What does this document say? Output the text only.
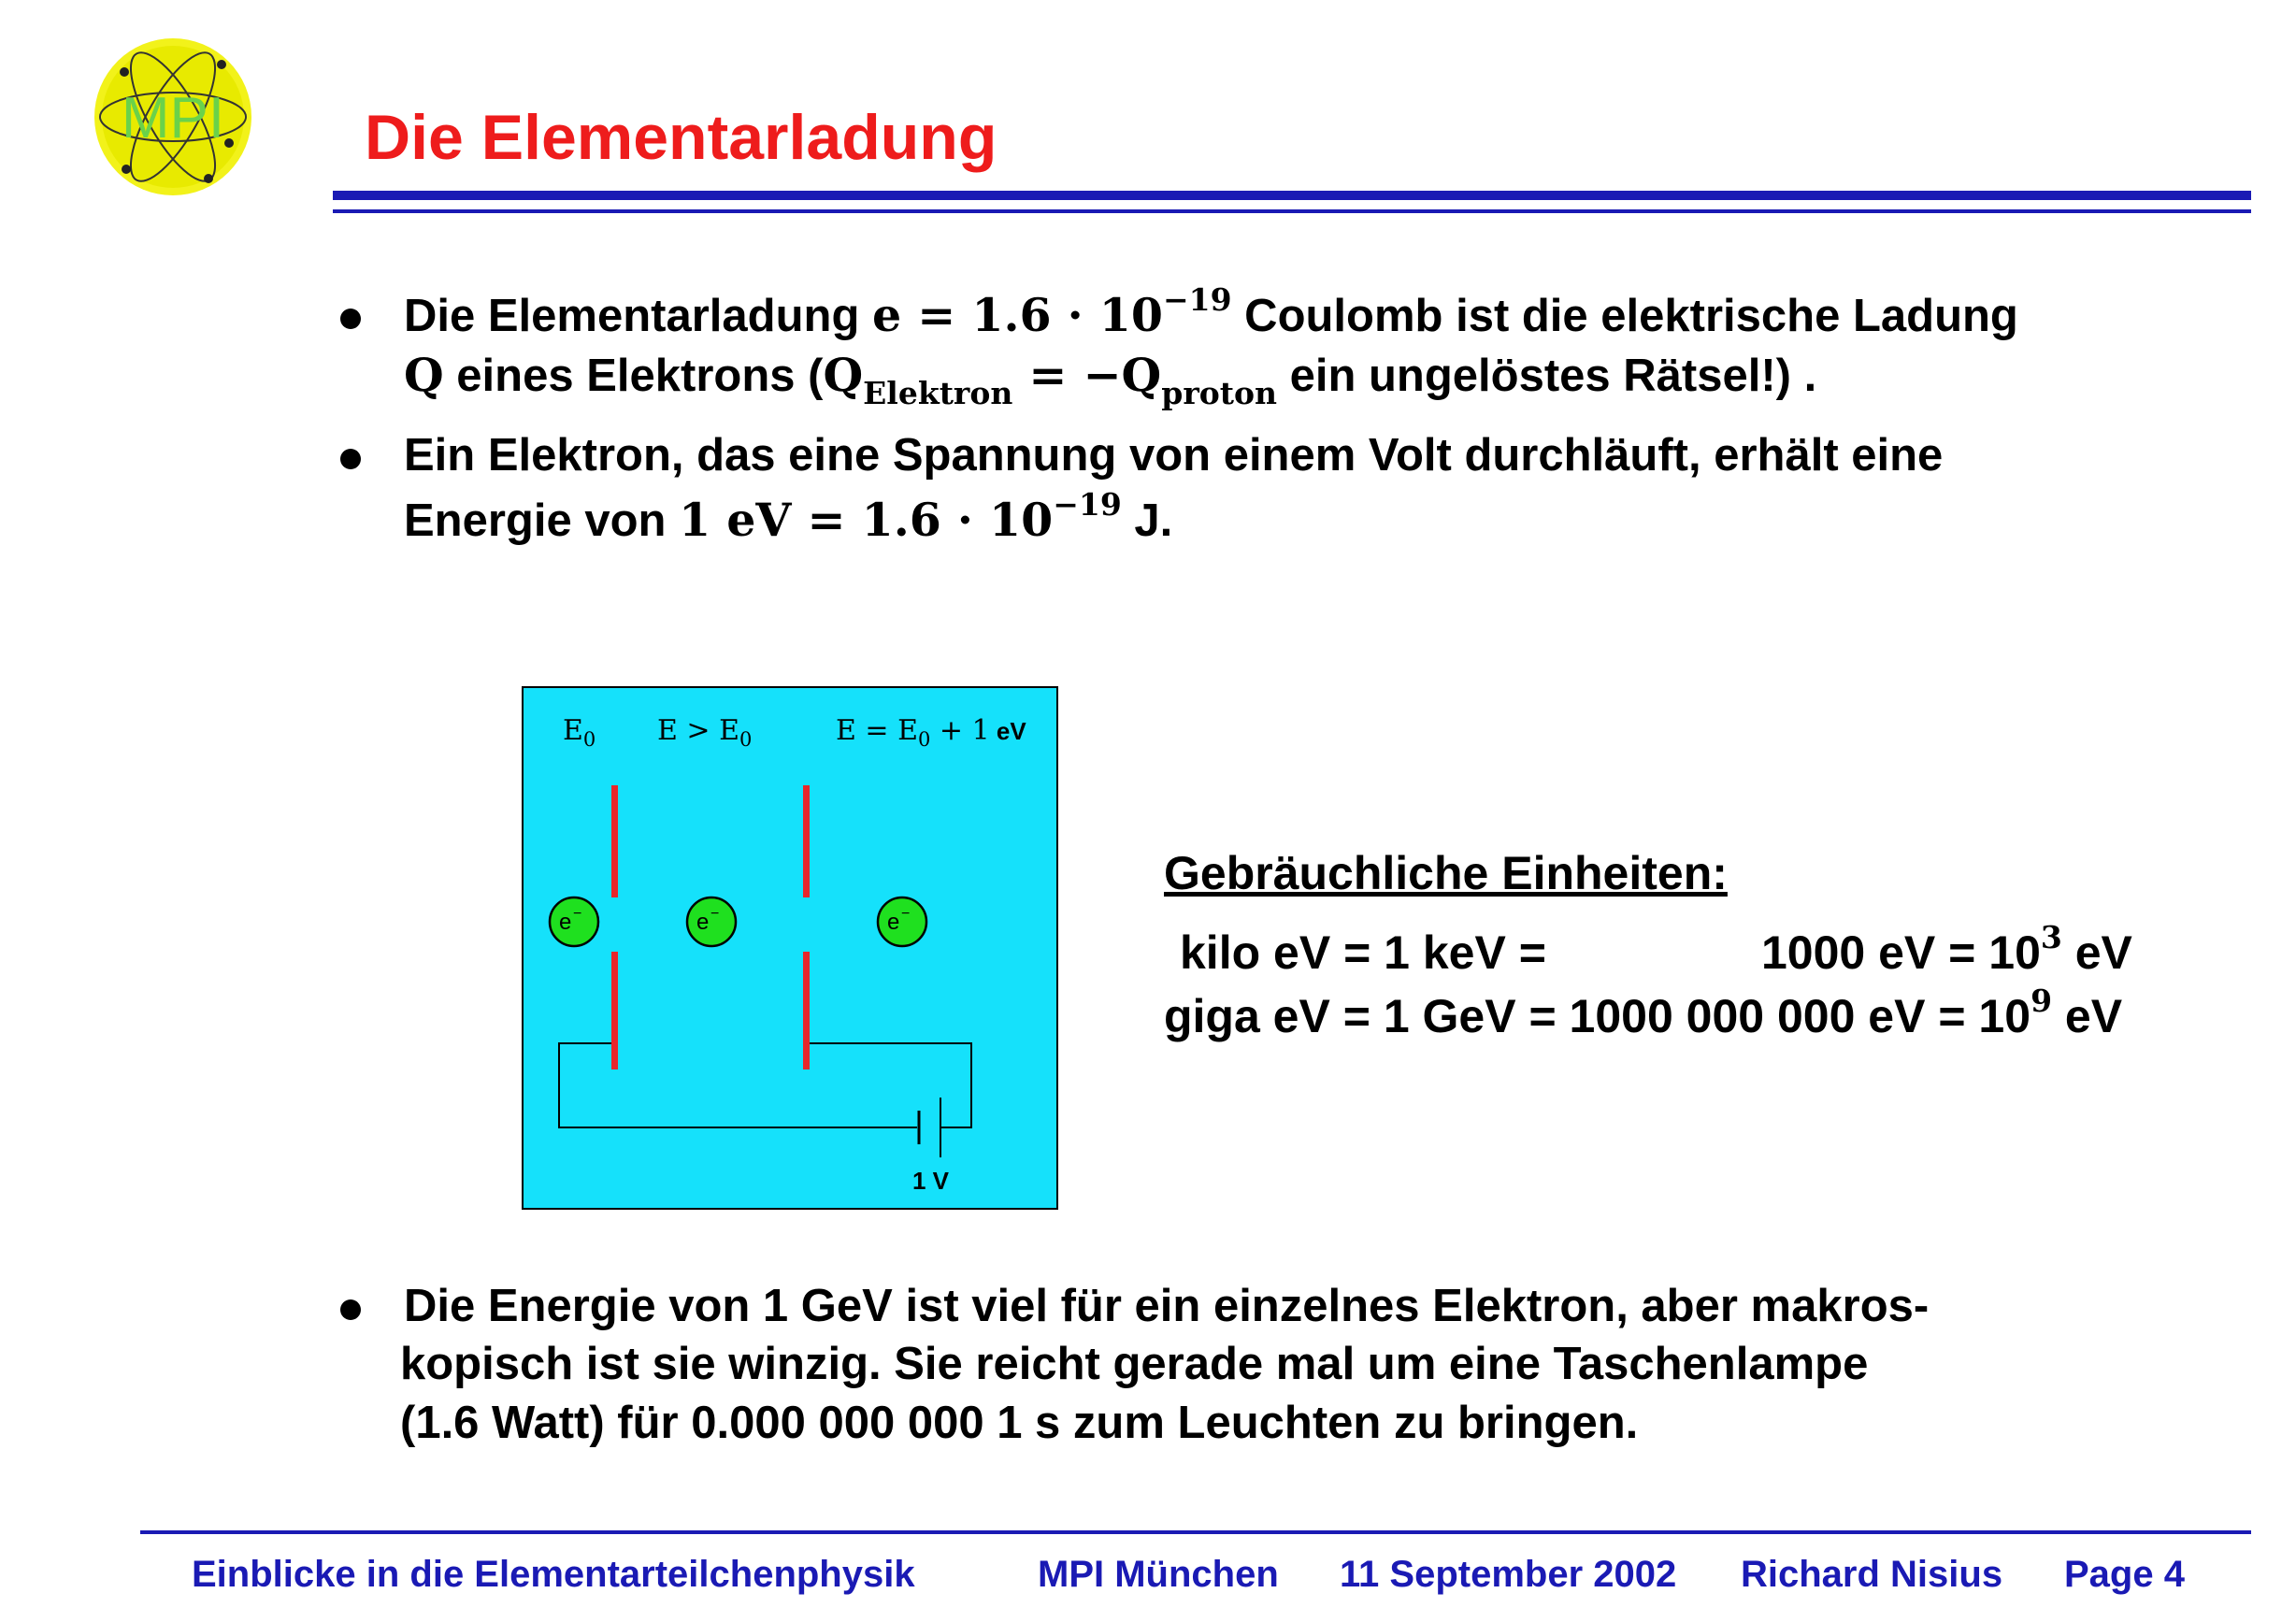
MPI Die Elementarladung
Die Elementarladung $e = 1.6 \cdot 10^{-19}$ Coulomb ist die elektrische Ladung
Q eines Elektrons ($Q_{Elektron} = -Q_{proton}$ ein ungelöstes Rätsel!) .
Ein Elektron, das eine Spannung von einem Volt durchläuft, erhält eine
Energie von 1 eV = $1.6 \cdot 10^{-19}$ J.
$E_0$ $E > E_0$	$E = E_0 + 1$ eV
e −	e −	e −
1 V
Gebräuchliche Einheiten:
kilo eV = 1 keV =	1000 eV = $10^3$ eV
giga eV = 1 GeV = 1000 000 000 eV = $10^9$ eV
Die Energie von 1 GeV ist viel für ein einzelnes Elektron, aber makros-
kopisch ist sie winzig. Sie reicht gerade mal um eine Taschenlampe
(1.6 Watt) für 0.000 000 000 1 s zum Leuchten zu bringen.
Einblicke in die Elementarteilchenphysik	MPI München 11 September 2002 Richard Nisius Page 4
